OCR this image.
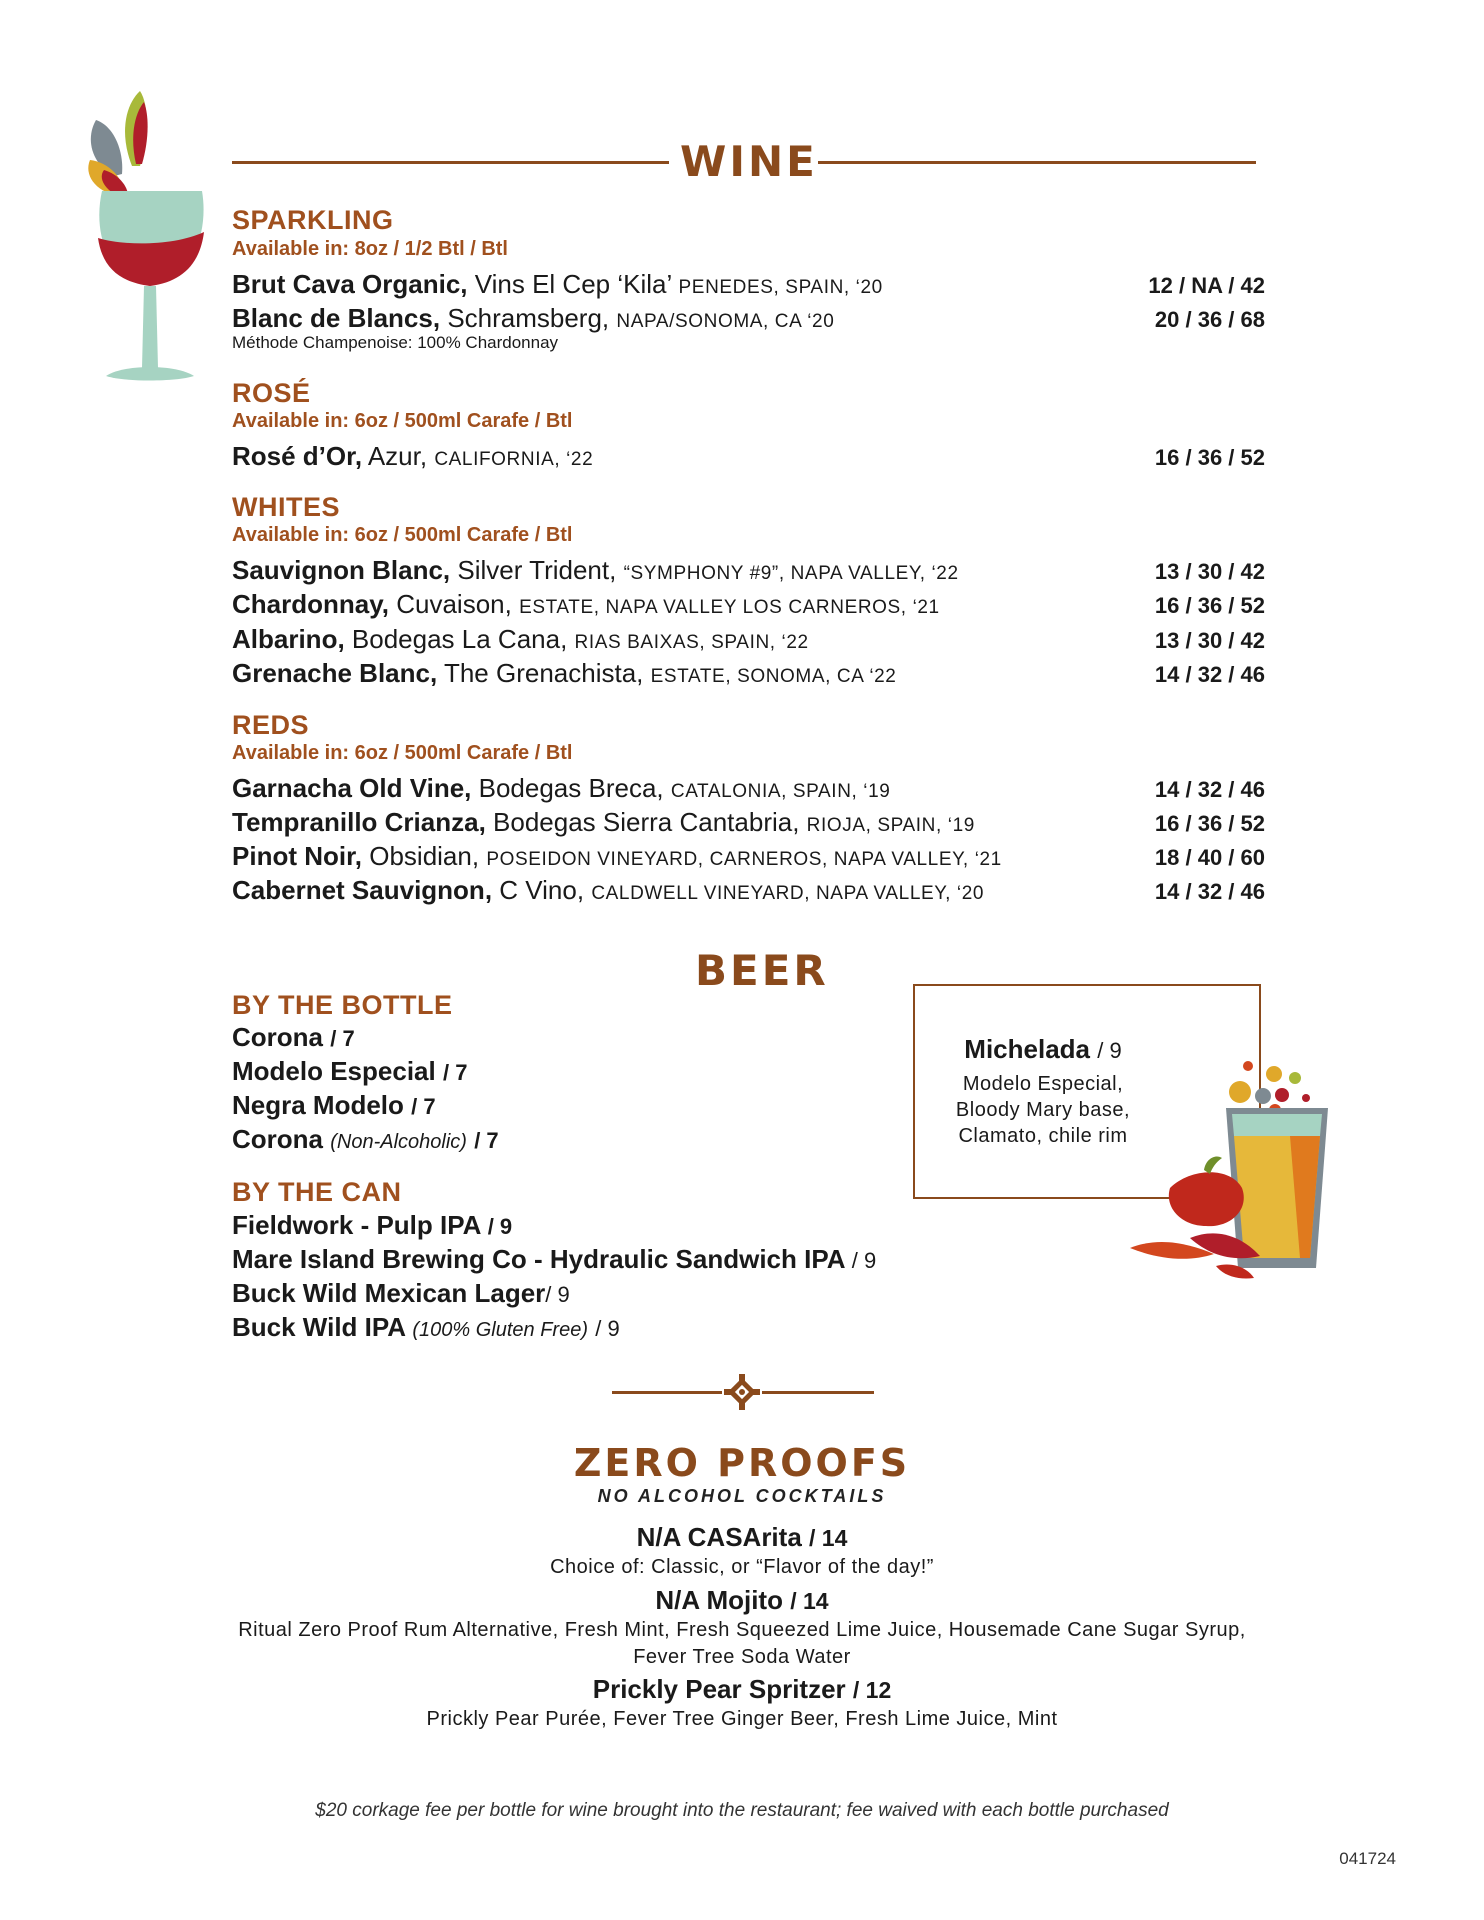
WINE
SPARKLING
Available in: 8oz / 1/2 Btl / Btl
Brut Cava Organic, Vins El Cep ‘Kila’ PENEDES, SPAIN, ‘20	12 / NA / 42
Blanc de Blancs, Schramsberg, NAPA/SONOMA, CA ‘20	20 / 36 / 68
Méthode Champenoise: 100% Chardonnay
ROSÉ
Available in: 6oz / 500ml Carafe / Btl
Rosé d’Or, Azur, CALIFORNIA, ‘22	16 / 36 / 52
WHITES
Available in: 6oz / 500ml Carafe / Btl
Sauvignon Blanc, Silver Trident, “SYMPHONY #9”, NAPA VALLEY, ‘22	13 / 30 / 42
Chardonnay, Cuvaison, ESTATE, NAPA VALLEY LOS CARNEROS, ‘21	16 / 36 / 52
Albarino, Bodegas La Cana, RIAS BAIXAS, SPAIN, ‘22	13 / 30 / 42
Grenache Blanc, The Grenachista, ESTATE, SONOMA, CA ‘22	14 / 32 / 46
REDS
Available in: 6oz / 500ml Carafe / Btl
Garnacha Old Vine, Bodegas Breca, CATALONIA, SPAIN, ‘19	14 / 32 / 46
Tempranillo Crianza, Bodegas Sierra Cantabria, RIOJA, SPAIN, ‘19	16 / 36 / 52
Pinot Noir, Obsidian, POSEIDON VINEYARD, CARNEROS, NAPA VALLEY, ‘21	18 / 40 / 60
Cabernet Sauvignon, C Vino, CALDWELL VINEYARD, NAPA VALLEY, ‘20	14 / 32 / 46
BEER
BY THE BOTTLE
Corona / 7
Modelo Especial / 7
Negra Modelo / 7
Corona (Non-Alcoholic) / 7
BY THE CAN
Fieldwork - Pulp IPA / 9
Mare Island Brewing Co - Hydraulic Sandwich IPA / 9
Buck Wild Mexican Lager/ 9
Buck Wild IPA (100% Gluten Free) / 9
Michelada / 9
Modelo Especial,
Bloody Mary base,
Clamato, chile rim
ZERO PROOFS
NO ALCOHOL COCKTAILS
N/A CASArita / 14
Choice of: Classic, or “Flavor of the day!”
N/A Mojito / 14
Ritual Zero Proof Rum Alternative, Fresh Mint, Fresh Squeezed Lime Juice, Housemade Cane Sugar Syrup,
Fever Tree Soda Water
Prickly Pear Spritzer / 12
Prickly Pear Purée, Fever Tree Ginger Beer, Fresh Lime Juice, Mint
$20 corkage fee per bottle for wine brought into the restaurant; fee waived with each bottle purchased
041724
